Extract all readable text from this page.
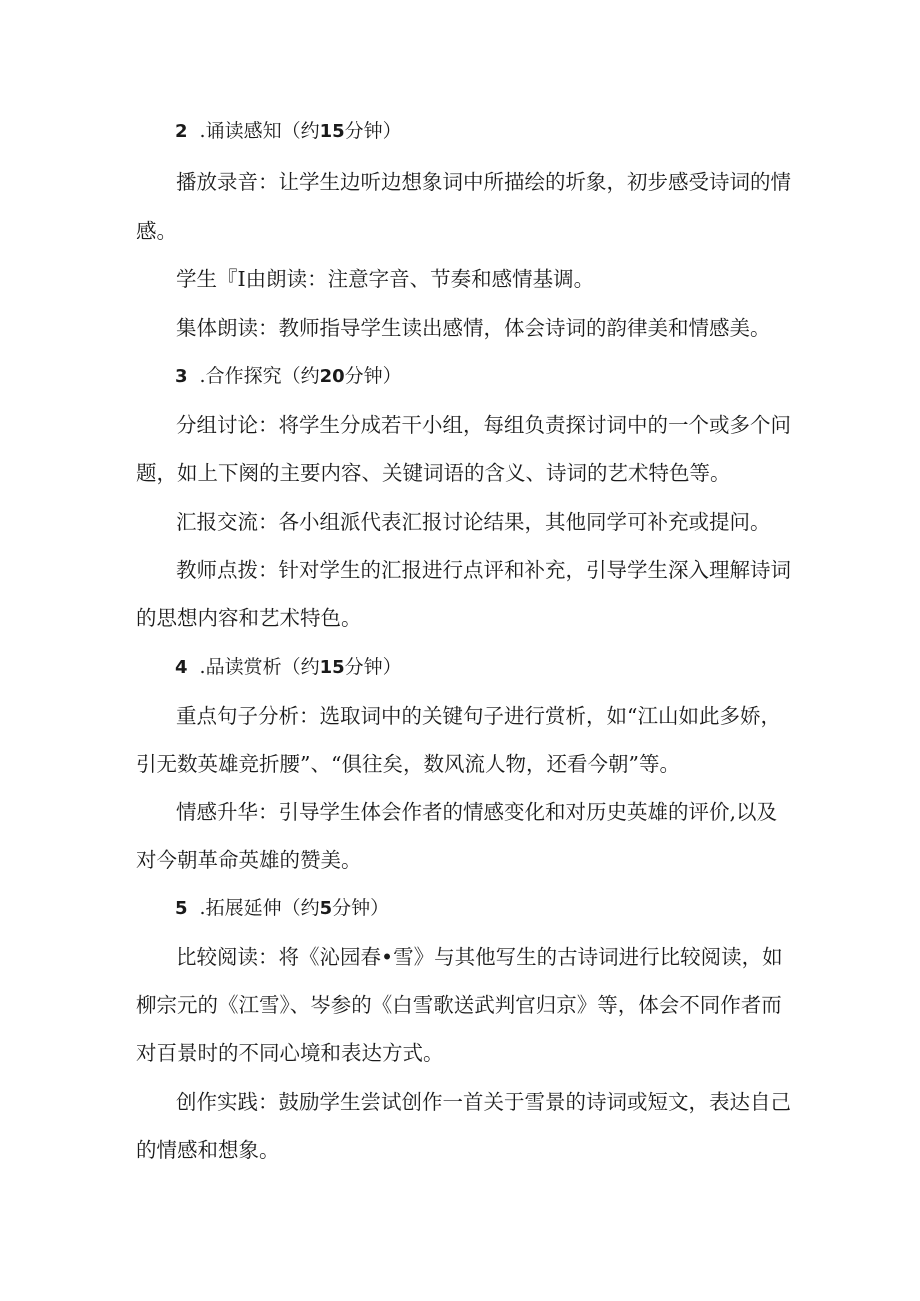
2 .诵读感知（约15分钟）
播放录音：让学生边听边想象词中所描绘的圻象，初步感受诗词的情
感。
学生『I由朗读：注意字音、节奏和感情基调。
集体朗读：教师指导学生读出感情，体会诗词的韵律美和情感美。
3 .合作探究（约20分钟）
分组讨论：将学生分成若干小组，每组负责探讨词中的一个或多个问
题，如上下阕的主要内容、关键词语的含义、诗词的艺术特色等。
汇报交流：各小组派代表汇报讨论结果，其他同学可补充或提问。
教师点拨：针对学生的汇报进行点评和补充，引导学生深入理解诗词
的思想内容和艺术特色。
4 .品读赏析（约15分钟）
重点句子分析：选取词中的关键句子进行赏析，如“江山如此多娇，
引无数英雄竞折腰”、“俱往矣，数风流人物，还看今朝”等。
情感升华：引导学生体会作者的情感变化和对历史英雄的评价,以及
对今朝革命英雄的赞美。
5 .拓展延伸（约5分钟）
比较阅读：将《沁园春•雪》与其他写生的古诗词进行比较阅读，如
柳宗元的《江雪》、岑参的《白雪歌送武判官归京》等，体会不同作者而
对百景时的不同心境和表达方式。
创作实践：鼓励学生尝试创作一首关于雪景的诗词或短文，表达自己
的情感和想象。
